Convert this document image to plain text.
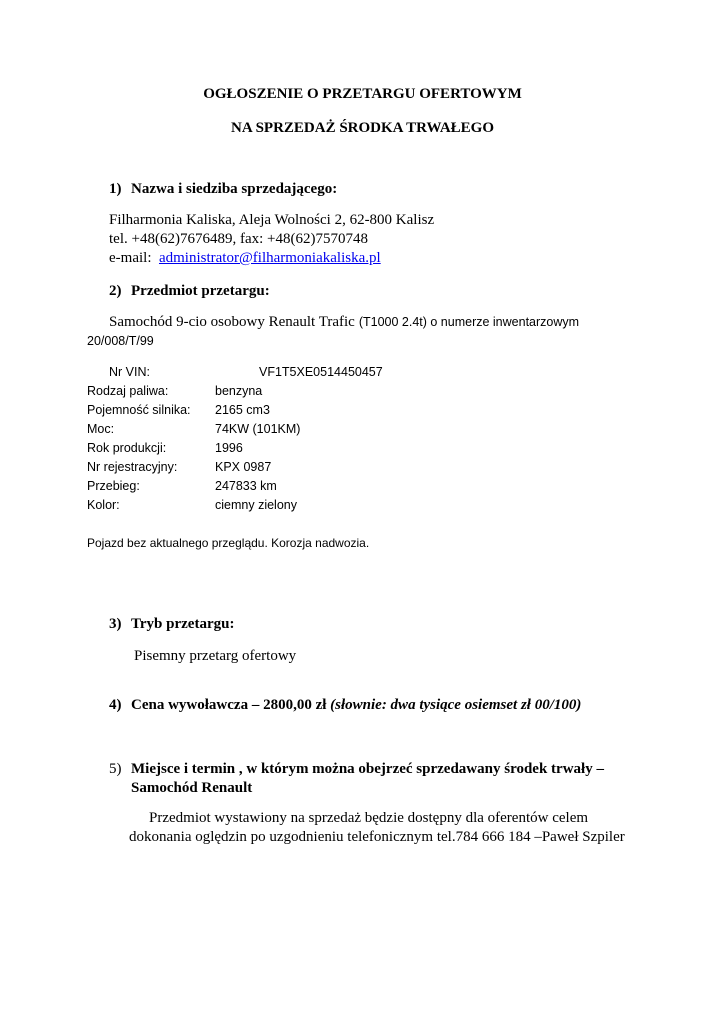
OGŁOSZENIE O PRZETARGU OFERTOWYM
NA SPRZEDAŻ ŚRODKA TRWAŁEGO
1) Nazwa i siedziba sprzedającego:
Filharmonia Kaliska, Aleja Wolności 2, 62-800 Kalisz
tel. +48(62)7676489, fax: +48(62)7570748
e-mail: administrator@filharmoniakaliska.pl
2) Przedmiot przetargu:
Samochód 9-cio osobowy Renault Trafic (T1000 2.4t) o numerze inwentarzowym
20/008/T/99
Nr VIN:	VF1T5XE0514450457
Rodzaj paliwa:	benzyna
Pojemność silnika: 2165 cm3
Moc:	74KW (101KM)
Rok produkcji:	1996
Nr rejestracyjny:	KPX 0987
Przebieg:	247833 km
Kolor:	ciemny zielony
Pojazd bez aktualnego przeglądu. Korozja nadwozia.
3) Tryb przetargu:
Pisemny przetarg ofertowy
4) Cena wywoławcza – 2800,00 zł (słownie: dwa tysiące osiemset zł 00/100)
5) Miejsce i termin , w którym można obejrzeć sprzedawany środek trwały –
Samochód Renault
Przedmiot wystawiony na sprzedaż będzie dostępny dla oferentów celem
dokonania oględzin po uzgodnieniu telefonicznym tel.784 666 184 –Paweł Szpiler
